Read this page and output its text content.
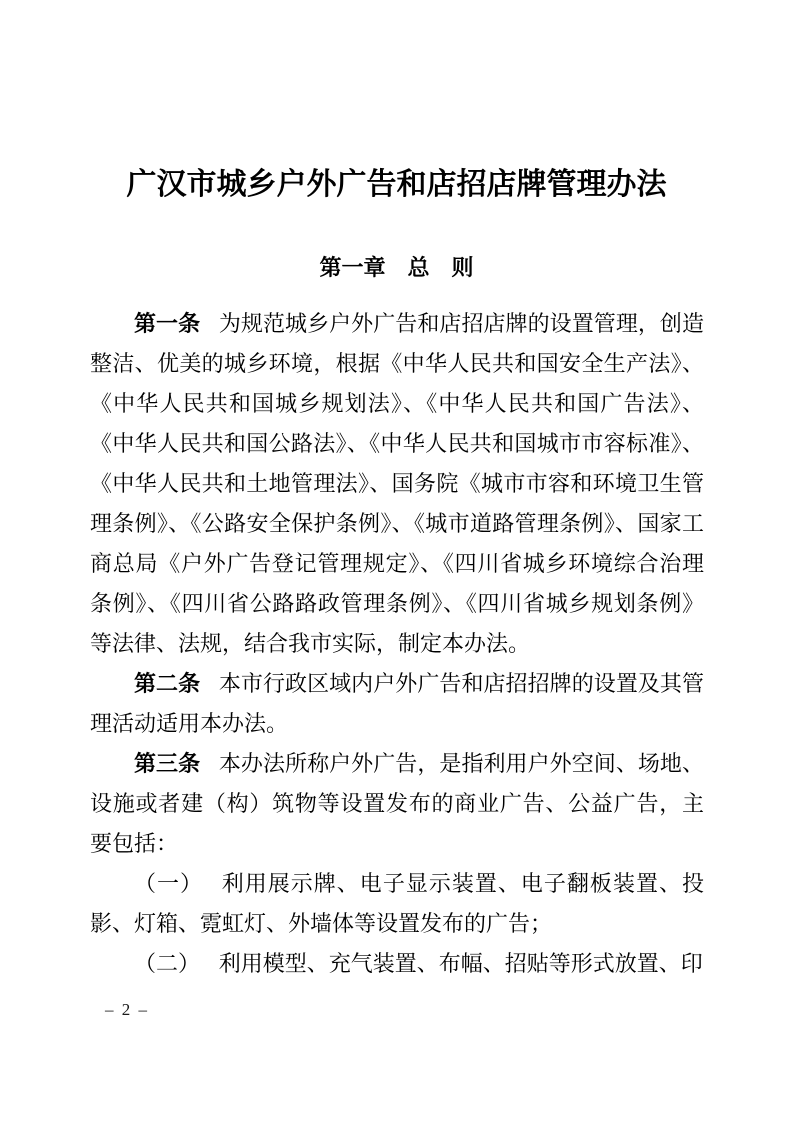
广汉市城乡户外广告和店招店牌管理办法
第一章　总　则

第一条 为规范城乡户外广告和店招店牌的设置管理，创造整洁、优美的城乡环境，根据《中华人民共和国安全生产法》、《中华人民共和国城乡规划法》、《中华人民共和国广告法》、《中华人民共和国公路法》、《中华人民共和国城市市容标准》、《中华人民共和土地管理法》、国务院《城市市容和环境卫生管理条例》、《公路安全保护条例》、《城市道路管理条例》、国家工商总局《户外广告登记管理规定》、《四川省城乡环境综合治理条例》、《四川省公路路政管理条例》、《四川省城乡规划条例》等法律、法规，结合我市实际，制定本办法。

第二条 本市行政区域内户外广告和店招招牌的设置及其管理活动适用本办法。

第三条 本办法所称户外广告，是指利用户外空间、场地、设施或者建（构）筑物等设置发布的商业广告、公益广告，主要包括：

（一） 利用展示牌、电子显示装置、电子翻板装置、投影、灯箱、霓虹灯、外墙体等设置发布的广告；

（二） 利用模型、充气装置、布幅、招贴等形式放置、印

– 2 –
